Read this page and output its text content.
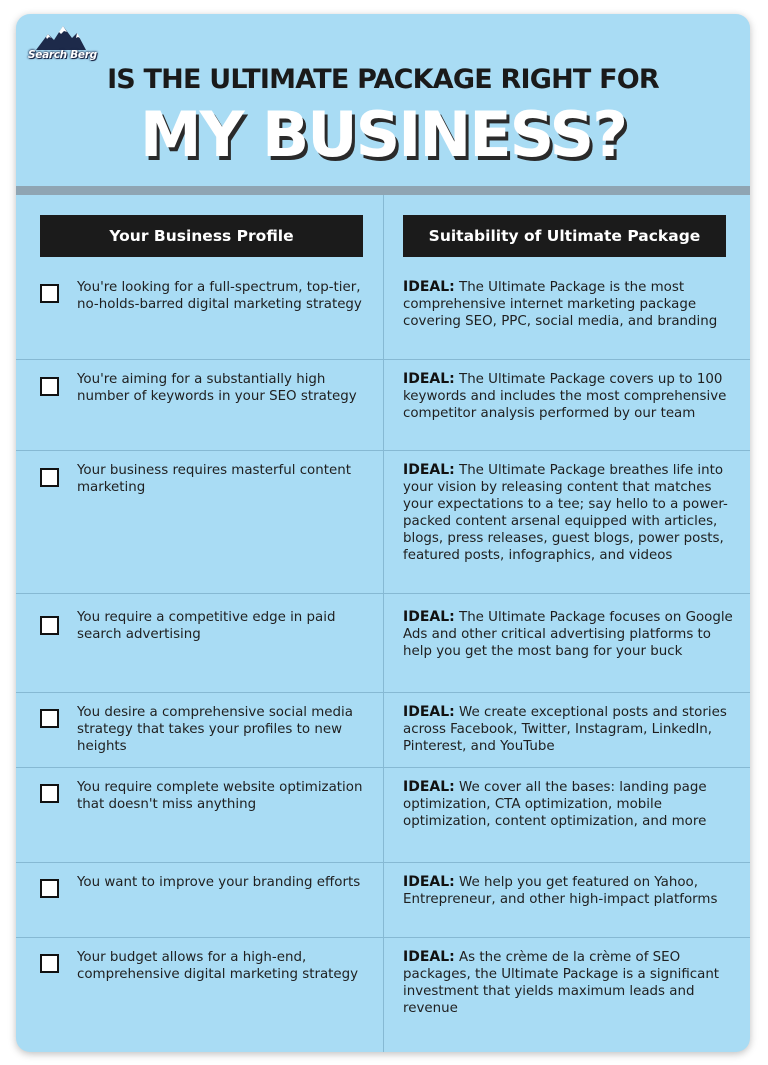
Search Berg
IS THE ULTIMATE PACKAGE RIGHT FOR
MY BUSINESS?
Your Business Profile	Suitability of Ultimate Package
You're looking for a full-spectrum, top-tier, no-holds-barred digital marketing strategy
IDEAL: The Ultimate Package is the most comprehensive internet marketing package covering SEO, PPC, social media, and branding
You're aiming for a substantially high number of keywords in your SEO strategy
IDEAL: The Ultimate Package covers up to 100 keywords and includes the most comprehensive competitor analysis performed by our team
Your business requires masterful content marketing
IDEAL: The Ultimate Package breathes life into your vision by releasing content that matches your expectations to a tee; say hello to a power-packed content arsenal equipped with articles, blogs, press releases, guest blogs, power posts, featured posts, infographics, and videos
You require a competitive edge in paid search advertising
IDEAL: The Ultimate Package focuses on Google Ads and other critical advertising platforms to help you get the most bang for your buck
You desire a comprehensive social media strategy that takes your profiles to new heights
IDEAL: We create exceptional posts and stories across Facebook, Twitter, Instagram, LinkedIn, Pinterest, and YouTube
You require complete website optimization that doesn't miss anything
IDEAL: We cover all the bases: landing page optimization, CTA optimization, mobile optimization, content optimization, and more
You want to improve your branding efforts	IDEAL: We help you get featured on Yahoo, Entrepreneur, and other high-impact platforms
Your budget allows for a high-end, comprehensive digital marketing strategy
IDEAL: As the crème de la crème of SEO packages, the Ultimate Package is a significant investment that yields maximum leads and revenue
